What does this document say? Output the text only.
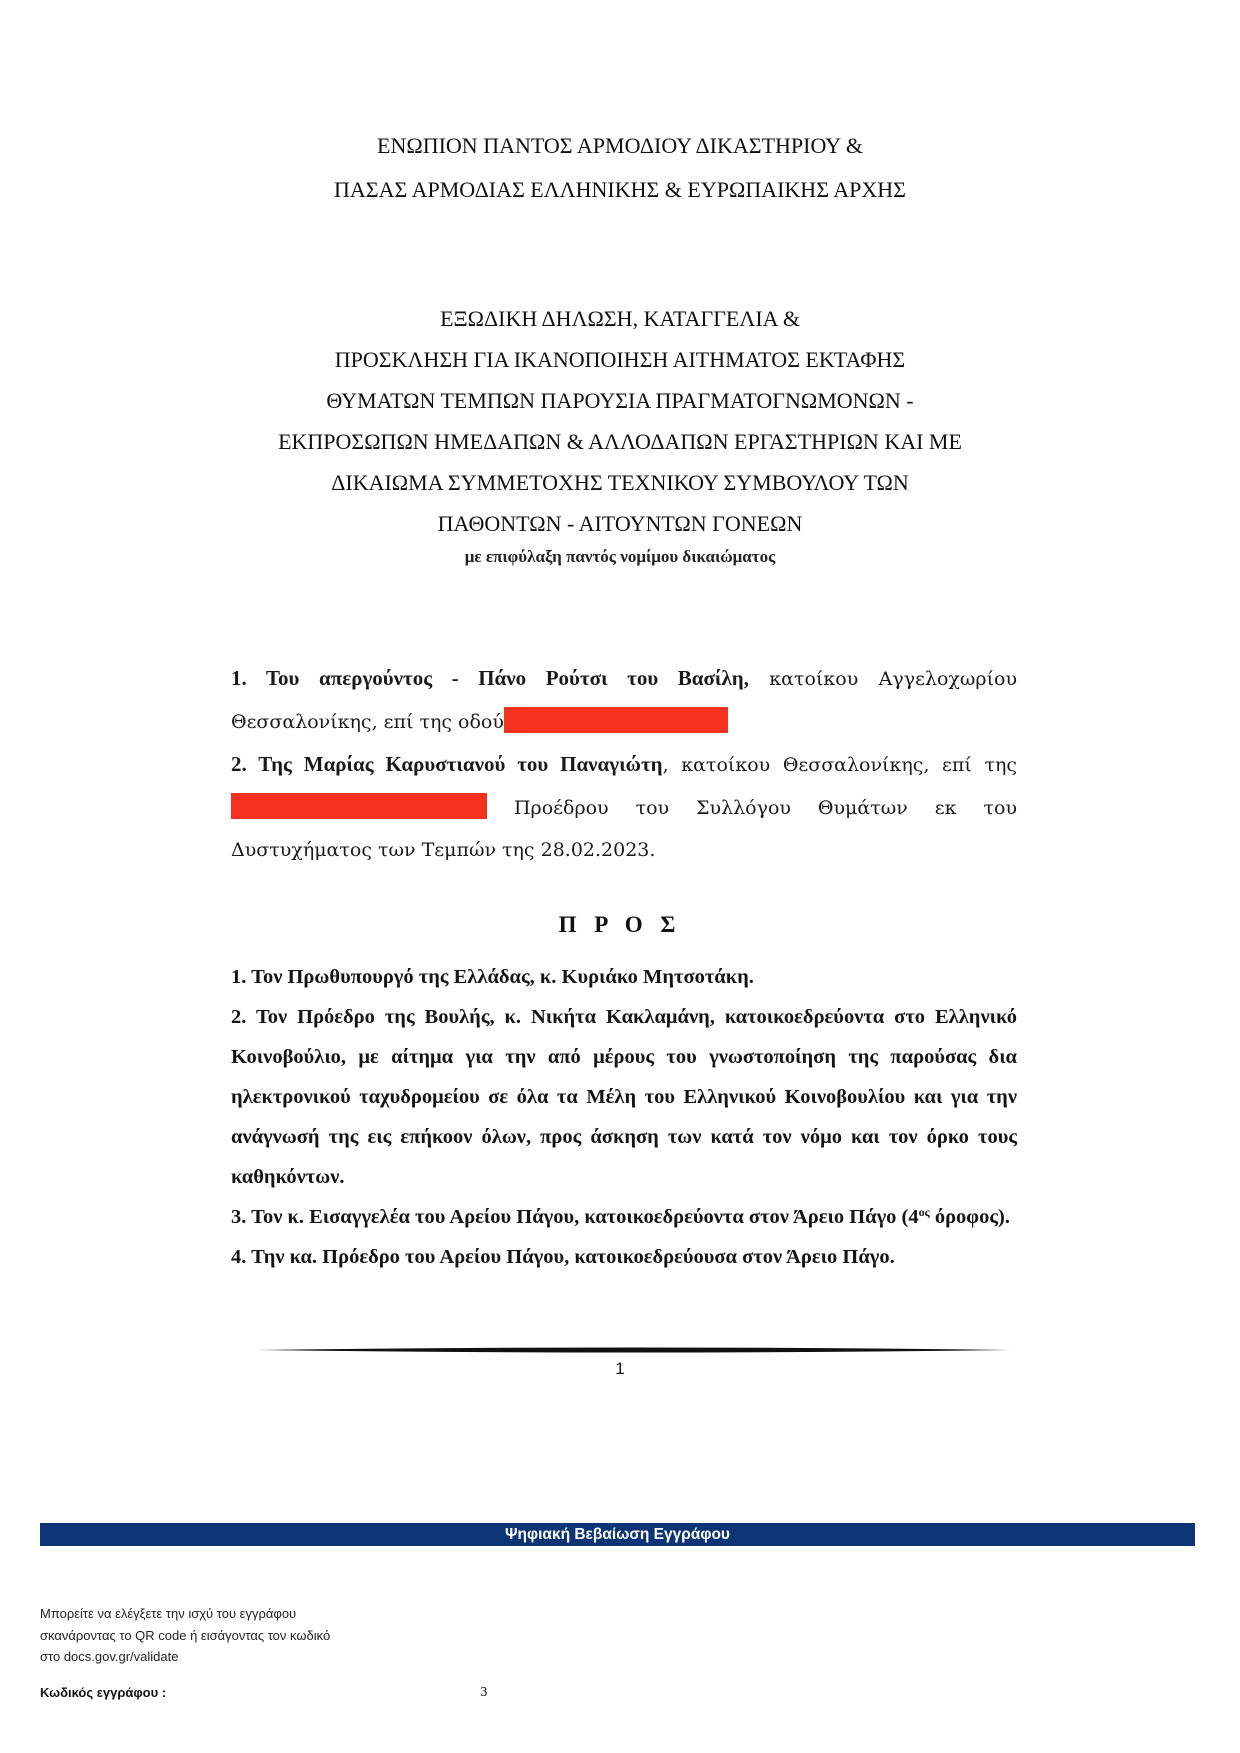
ΕΝΩΠΙΟΝ ΠΑΝΤΟΣ ΑΡΜΟΔΙΟΥ ΔΙΚΑΣΤΗΡΙΟΥ &
ΠΑΣΑΣ ΑΡΜΟΔΙΑΣ ΕΛΛΗΝΙΚΗΣ & ΕΥΡΩΠΑΙΚΗΣ ΑΡΧΗΣ
ΕΞΩΔΙΚΗ ΔΗΛΩΣΗ, ΚΑΤΑΓΓΕΛΙΑ &
ΠΡΟΣΚΛΗΣΗ ΓΙΑ ΙΚΑΝΟΠΟΙΗΣΗ ΑΙΤΗΜΑΤΟΣ ΕΚΤΑΦΗΣ
ΘΥΜΑΤΩΝ ΤΕΜΠΩΝ ΠΑΡΟΥΣΙΑ ΠΡΑΓΜΑΤΟΓΝΩΜΟΝΩΝ -
ΕΚΠΡΟΣΩΠΩΝ ΗΜΕΔΑΠΩΝ & ΑΛΛΟΔΑΠΩΝ ΕΡΓΑΣΤΗΡΙΩΝ ΚΑΙ ΜΕ
ΔΙΚΑΙΩΜΑ ΣΥΜΜΕΤΟΧΗΣ ΤΕΧΝΙΚΟΥ ΣΥΜΒΟΥΛΟΥ ΤΩΝ
ΠΑΘΟΝΤΩΝ - ΑΙΤΟΥΝΤΩΝ ΓΟΝΕΩΝ
με επιφύλαξη παντός νομίμου δικαιώματος

1. Του απεργούντος - Πάνο Ρούτσι του Βασίλη, κατοίκου Αγγελοχωρίου Θεσσαλονίκης, επί της οδού

2. Της Μαρίας Καρυστιανού του Παναγιώτη, κατοίκου Θεσσαλονίκης, επί της  Προέδρου του Συλλόγου Θυμάτων εκ του Δυστυχήματος των Τεμπών της 28.02.2023.

Π Ρ Ο Σ

1. Τον Πρωθυπουργό της Ελλάδας, κ. Κυριάκο Μητσοτάκη.

2. Τον Πρόεδρο της Βουλής, κ. Νικήτα Κακλαμάνη, κατοικοεδρεύοντα στο Ελληνικό Κοινοβούλιο, με αίτημα για την από μέρους του γνωστοποίηση της παρούσας δια ηλεκτρονικού ταχυδρομείου σε όλα τα Μέλη του Ελληνικού Κοινοβουλίου και για την ανάγνωσή της εις επήκοον όλων, προς άσκηση των κατά τον νόμο και τον όρκο τους καθηκόντων.

3. Τον κ. Εισαγγελέα του Αρείου Πάγου, κατοικοεδρεύοντα στον Άρειο Πάγο ($4^{o\varsigma}$ όροφος).

4. Την κα. Πρόεδρο του Αρείου Πάγου, κατοικοεδρεύουσα στον Άρειο Πάγο.

1
Ψηφιακή Βεβαίωση Εγγράφου
Μπορείτε να ελέγξετε την ισχύ του εγγράφου
σκανάροντας το QR code ή εισάγοντας τον κωδικό
στο docs.gov.gr/validate
Κωδικός εγγράφου :	3
